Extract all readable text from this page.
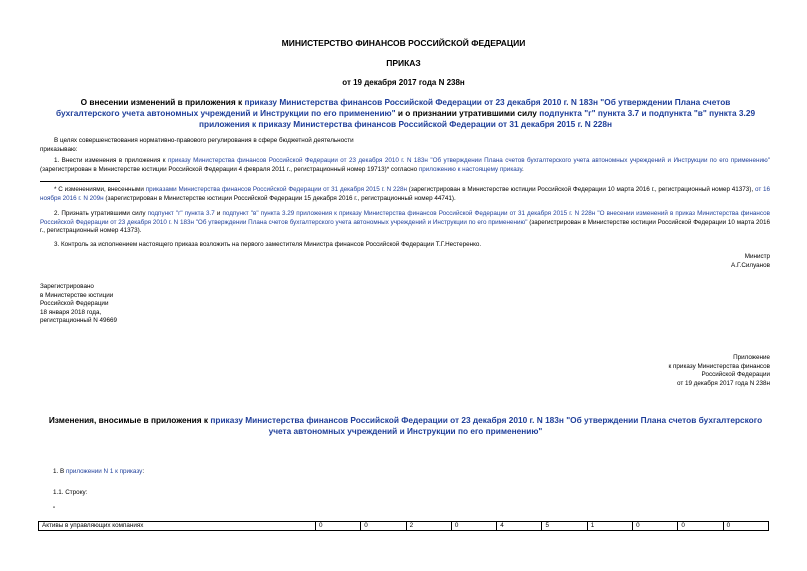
МИНИСТЕРСТВО ФИНАНСОВ РОССИЙСКОЙ ФЕДЕРАЦИИ
ПРИКАЗ
от 19 декабря 2017 года N 238н
О внесении изменений в приложения к приказу Министерства финансов Российской Федерации от 23 декабря 2010 г. N 183н "Об утверждении Плана счетов бухгалтерского учета автономных учреждений и Инструкции по его применению" и о признании утратившими силу подпункта "г" пункта 3.7 и подпункта "в" пункта 3.29 приложения к приказу Министерства финансов Российской Федерации от 31 декабря 2015 г. N 228н
В целях совершенствования нормативно-правового регулирования в сфере бюджетной деятельности
приказываю:
1. Внести изменения в приложения к приказу Министерства финансов Российской Федерации от 23 декабря 2010 г. N 183н "Об утверждении Плана счетов бухгалтерского учета автономных учреждений и Инструкции по его применению" (зарегистрирован в Министерстве юстиции Российской Федерации 4 февраля 2011 г., регистрационный номер 19713)* согласно приложению к настоящему приказу.
* С изменениями, внесенными приказами Министерства финансов Российской Федерации от 31 декабря 2015 г. N 228н (зарегистрирован в Министерстве юстиции Российской Федерации 10 марта 2016 г., регистрационный номер 41373), от 16 ноября 2016 г. N 209н (зарегистрирован в Министерстве юстиции Российской Федерации 15 декабря 2016 г., регистрационный номер 44741).
2. Признать утратившими силу подпункт "г" пункта 3.7 и подпункт "в" пункта 3.29 приложения к приказу Министерства финансов Российской Федерации от 31 декабря 2015 г. N 228н "О внесении изменений в приказ Министерства финансов Российской Федерации от 23 декабря 2010 г. N 183н "Об утверждении Плана счетов бухгалтерского учета автономных учреждений и Инструкции по его применению" (зарегистрирован в Министерстве юстиции Российской Федерации 10 марта 2016 г., регистрационный номер 41373).
3. Контроль за исполнением настоящего приказа возложить на первого заместителя Министра финансов Российской Федерации Т.Г.Нестеренко.
Министр
А.Г.Силуанов
Зарегистрировано
в Министерстве юстиции
Российской Федерации
18 января 2018 года,
регистрационный N 49669
Приложение
к приказу Министерства финансов
Российской Федерации
от 19 декабря 2017 года N 238н
Изменения, вносимые в приложения к приказу Министерства финансов Российской Федерации от 23 декабря 2010 г. N 183н "Об утверждении Плана счетов бухгалтерского учета автономных учреждений и Инструкции по его применению"
1. В приложении N 1 к приказу:
1.1. Строку:
"
Активы в управляющих компаниях	0	0	2	0	4	5	1	0	0	0
